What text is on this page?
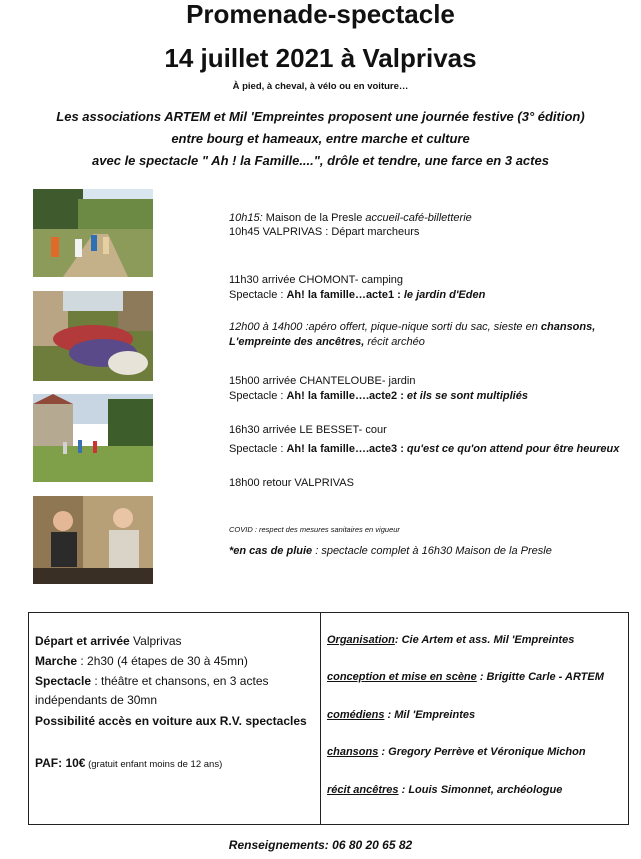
Promenade-spectacle
14 juillet 2021 à Valprivas
À pied, à cheval, à vélo ou en voiture…
Les associations ARTEM et Mil 'Empreintes proposent une journée festive (3° édition)
entre bourg et hameaux, entre marche et culture
avec le spectacle " Ah ! la Famille....", drôle et tendre, une farce en 3 actes
10h15: Maison de la Presle accueil-café-billetterie
10h45 VALPRIVAS : Départ marcheurs
11h30 arrivée CHOMONT- camping
Spectacle : Ah! la famille…acte1 : le jardin d'Eden
12h00 à 14h00 :apéro offert, pique-nique sorti du sac, sieste en chansons,
L'empreinte des ancêtres, récit archéo
15h00 arrivée CHANTELOUBE- jardin
Spectacle : Ah! la famille….acte2 : et ils se sont multipliés
16h30 arrivée LE BESSET- cour
Spectacle : Ah! la famille….acte3 : qu'est ce qu'on attend pour être heureux
18h00 retour VALPRIVAS
COVID : respect des mesures sanitaires en vigueur
*en cas de pluie : spectacle complet à 16h30 Maison de la Presle
Départ et arrivée Valprivas
Marche : 2h30 (4 étapes de 30 à 45mn)
Spectacle : théâtre et chansons, en 3 actes
indépendants de 30mn
Possibilité accès en voiture aux R.V. spectacles
PAF: 10€ (gratuit enfant moins de 12 ans)
Organisation: Cie Artem et ass. Mil 'Empreintes
conception et mise en scène : Brigitte Carle - ARTEM
comédiens : Mil 'Empreintes
chansons : Gregory Perrève et Véronique Michon
récit ancêtres : Louis Simonnet, archéologue
Renseignements: 06 80 20 65 82
